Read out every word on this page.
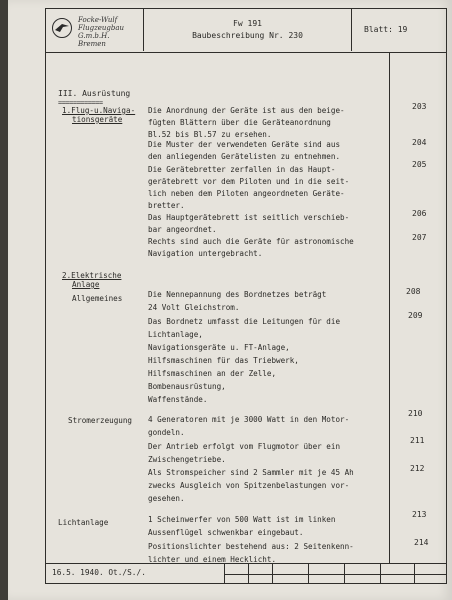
Focke-Wulf
Flugzeugbau
G.m.b.H.
Bremen
Fw 191
Baubeschreibung Nr. 230
Blatt: 19
III. Ausrüstung
============
1.Flug-u.Naviga-
tionsgeräte
Die Anordnung der Geräte ist aus den beige-
fügten Blättern über die Geräteanordnung
Bl.52 bis Bl.57 zu ersehen.
203
Die Muster der verwendeten Geräte sind aus
den anliegenden Gerätelisten zu entnehmen.
204
Die Gerätebretter zerfallen in das Haupt-
gerätebrett vor dem Piloten und in die seit-
lich neben dem Piloten angeordneten Geräte-
bretter.
205
Das Hauptgerätebrett ist seitlich verschieb-
bar angeordnet.
206
Rechts sind auch die Geräte für astronomische
Navigation untergebracht.
207
2.Elektrische
Anlage
Allgemeines	Die Nennepannung des Bordnetzes beträgt
24 Volt Gleichstrom.
208
Das Bordnetz umfasst die Leitungen für die
Lichtanlage,
Navigationsgeräte u. FT-Anlage,
Hilfsmaschinen für das Triebwerk,
Hilfsmaschinen an der Zelle,
Bombenausrüstung,
Waffenstände.
209
Stromerzeugung 4 Generatoren mit je 3000 Watt in den Motor-
gondeln.
210
Der Antrieb erfolgt vom Flugmotor über ein
Zwischengetriebe.
211
Als Stromspeicher sind 2 Sammler mit je 45 Ah
zwecks Ausgleich von Spitzenbelastungen vor-
gesehen.
212
Lichtanlage	1 Scheinwerfer von 500 Watt ist im linken
Aussenflügel schwenkbar eingebaut.
213
Positionslichter bestehend aus: 2 Seitenkenn-
lichter und einem Hecklicht.
214
16.5. 1940. Ot./S./.
